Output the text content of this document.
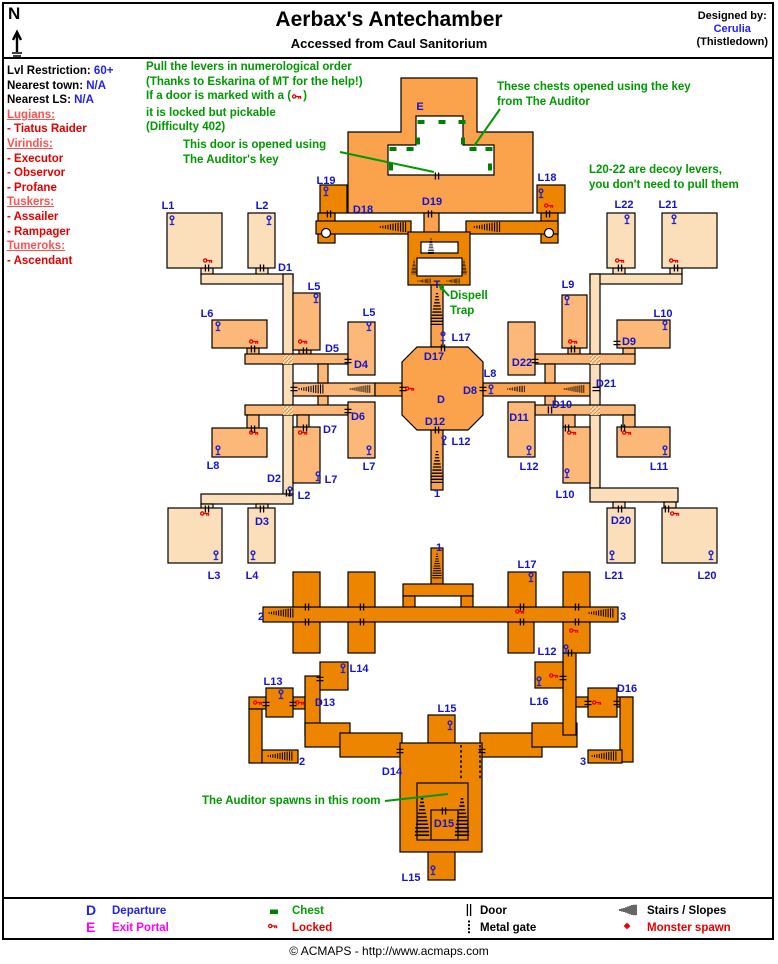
E
D
T
L19
D18
D19
L18
L1	L2
D1
L5
L6	L5
D5
D4
L17
D17
D8
L8
D12
L12
D6
D7
L8
D2	L7
L7
L2
D3
L3 L4
L22 L21
L9
L10
D9
D22
D21
D10
D11
L12
L10
L11
D20
L21	L20
L17
L12
L14
L13
D13	L16
D16
L15
D14
D15
L15
1
1
2	3
2	3
N	Aerbax's Antechamber
Accessed from Caul Sanitorium
Designed by:
Cerulia
(Thistledown)
Lvl Restriction: 60+
Nearest town: N/A
Nearest LS: N/A
Lugians:
- Tiatus Raider
Virindis:
- Executor
- Observor
- Profane
Tuskers:
- Assailer
- Rampager
Tumeroks:
- Ascendant
Pull the levers in numerological order
(Thanks to Eskarina of MT for the help!)
If a door is marked with a ( )
it is locked but pickable
(Difficulty 402)
This door is opened using
The Auditor's key
These chests opened using the key
from The Auditor
L20-22 are decoy levers,
you don't need to pull them
Dispell
Trap
The Auditor spawns in this room
D Departure
E Exit Portal
Chest
Locked
Door
Metal gate
Stairs / Slopes
Monster spawn
© ACMAPS - http://www.acmaps.com
